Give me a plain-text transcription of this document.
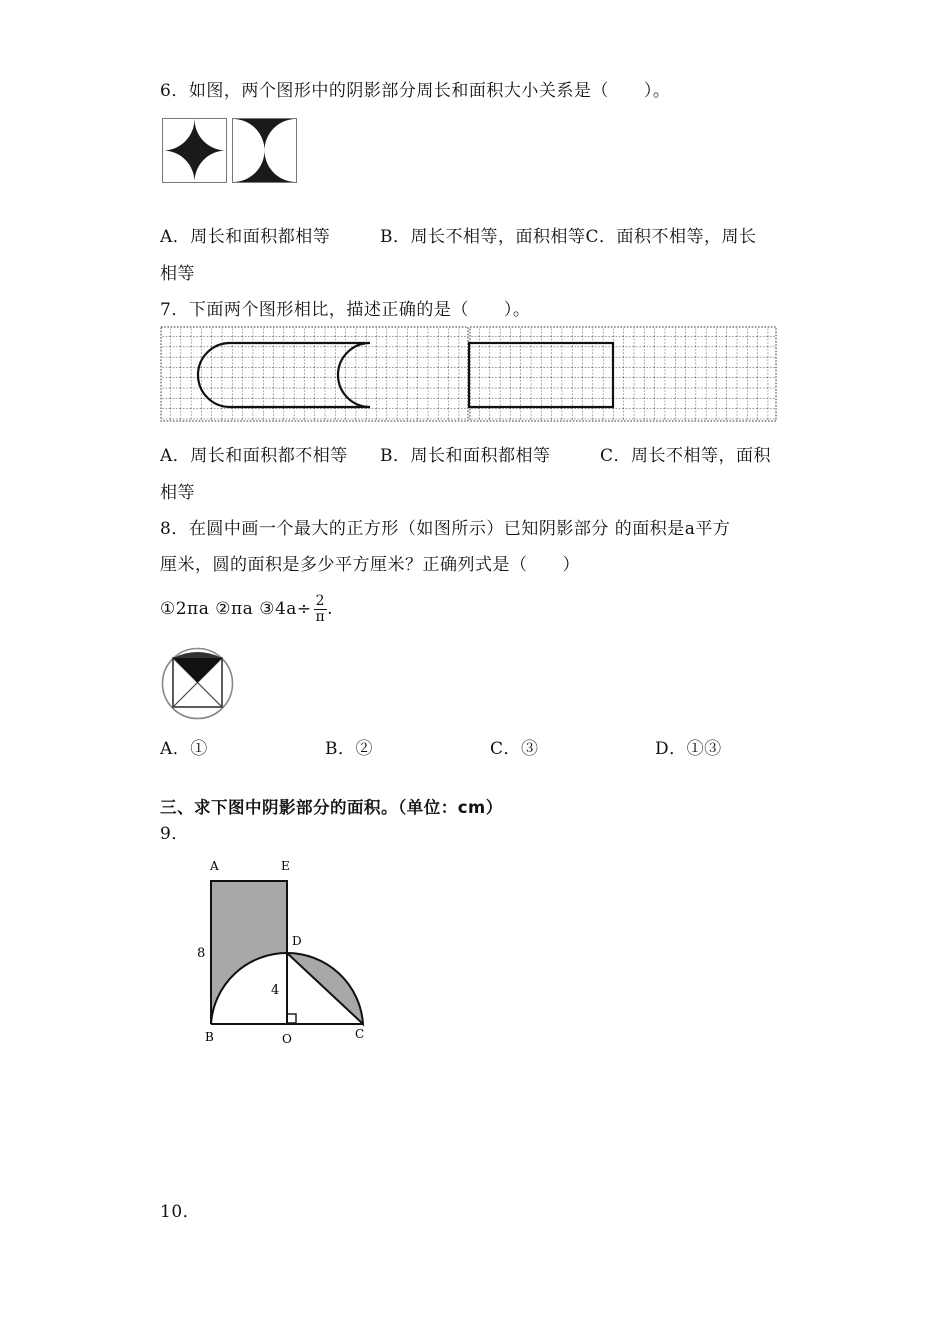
6．如图，两个图形中的阴影部分周长和面积大小关系是（　　）。
A．周长和面积都相等	B．周长不相等，面积相等C．面积不相等，周长
相等
7．下面两个图形相比，描述正确的是（　　）。
A．周长和面积都不相等 B．周长和面积都相等	C．周长不相等，面积
相等
8．在圆中画一个最大的正方形（如图所示）已知阴影部分 的面积是a平方
厘米，圆的面积是多少平方厘米？正确列式是（　　）
①2πa ②πa ③4a÷ $\frac{2}{\pi}$ .
A．①	B．②	C．③	D．①③
三、求下图中阴影部分的面积。（单位：cm）
9．
A	E
D
8
4
B	O	C
10．
